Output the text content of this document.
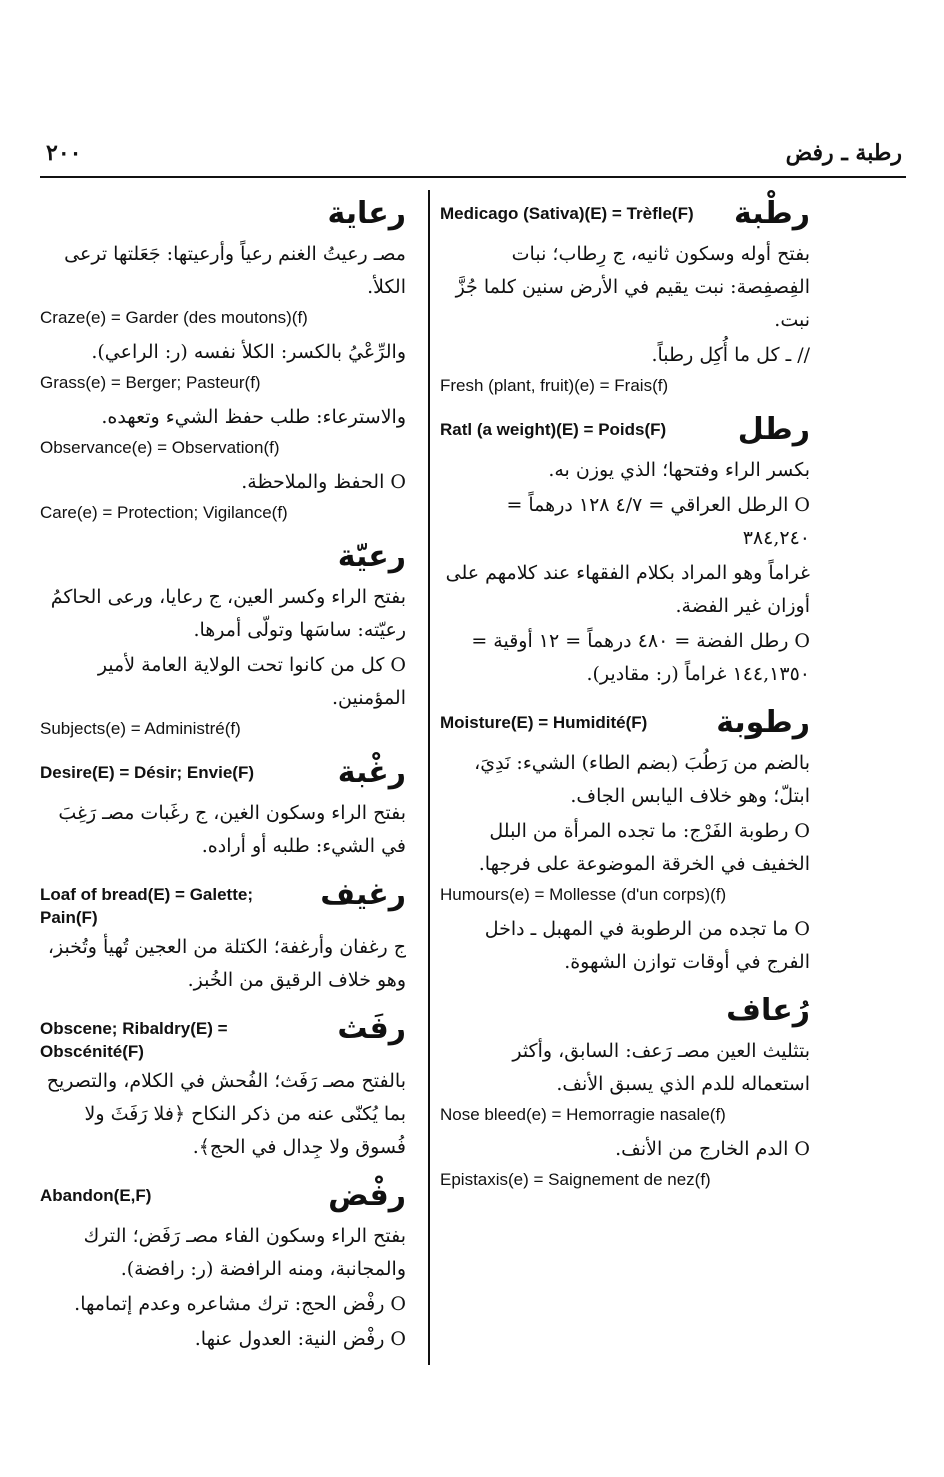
٢٠٠	رطبة ـ رفض
رطْبة
Medicago (Sativa)(E) = Trèfle(F)
بفتح أوله وسكون ثانيه، ج رِطاب؛ نبات الفِصفِصة: نبت يقيم في الأرض سنين كلما جُزَّ نبت.
// ـ كل ما أُكِل رطباً.
Fresh (plant, fruit)(e) = Frais(f)
رطل
Ratl (a weight)(E) = Poids(F)
بكسر الراء وفتحها؛ الذي يوزن به.
O الرطل العراقي = ٤/٧ ١٢٨ درهماً = ٣٨٤,٢٤٠
غراماً وهو المراد بكلام الفقهاء عند كلامهم على أوزان غير الفضة.
O رطل الفضة = ٤٨٠ درهماً = ١٢ أوقية = ١٤٤,١٣٥٠ غراماً (ر: مقادير).
رطوبة
Moisture(E) = Humidité(F)
بالضم من رَطُبَ (بضم الطاء) الشيء: نَدِيَ، ابتلّ؛ وهو خلاف اليابس الجاف.
O رطوبة الفَرْج: ما تجده المرأة من البلل الخفيف في الخرقة الموضوعة على فرجها.
Humours(e) = Mollesse (d'un corps)(f)
O ما تجده من الرطوبة في المهبل ـ داخل الفرج في أوقات توازن الشهوة.
رُعاف
بتثليث العين مصـ رَعف: السابق، وأكثر استعماله للدم الذي يسبق الأنف.
Nose bleed(e) = Hemorragie nasale(f)
O الدم الخارج من الأنف.
Epistaxis(e) = Saignement de nez(f)
رعاية
مصـ رعيتُ الغنم رعياً وأرعيتها: جَعَلتها ترعى الكلأ.
Craze(e) = Garder (des moutons)(f)
والرِّعْيُ بالكسر: الكلأ نفسه (ر: الراعي).
Grass(e) = Berger; Pasteur(f)
والاسترعاء: طلب حفظ الشيء وتعهده.
Observance(e) = Observation(f)
O الحفظ والملاحظة.
Care(e) = Protection; Vigilance(f)
رعيّة
بفتح الراء وكسر العين، ج رعايا، ورعى الحاكمُ رعيّته: ساسَها وتولّى أمرها.
O كل من كانوا تحت الولاية العامة لأمير المؤمنين.
Subjects(e) = Administré(f)
رغْبة
Desire(E) = Désir; Envie(F)
بفتح الراء وسكون الغين، ج رغَبات مصـ رَغِبَ في الشيء: طلبه أو أراده.
رغيف
Loaf of bread(E) = Galette; Pain(F)
ج رغفان وأرغفة؛ الكتلة من العجين تُهيأ وتُخبز، وهو خلاف الرقيق من الخُبز.
رفَث
Obscene; Ribaldry(E) = Obscénité(F)
بالفتح مصـ رَفَث؛ الفُحش في الكلام، والتصريح بما يُكنّى عنه من ذكر النكاح ﴿فلا رَفَثَ ولا فُسوق ولا جِدال في الحج﴾.
رفْض
Abandon(E,F)
بفتح الراء وسكون الفاء مصـ رَفَض؛ الترك والمجانبة، ومنه الرافضة (ر: رافضة).
O رفْض الحج: ترك مشاعره وعدم إتمامها.
O رفْض النية: العدول عنها.
